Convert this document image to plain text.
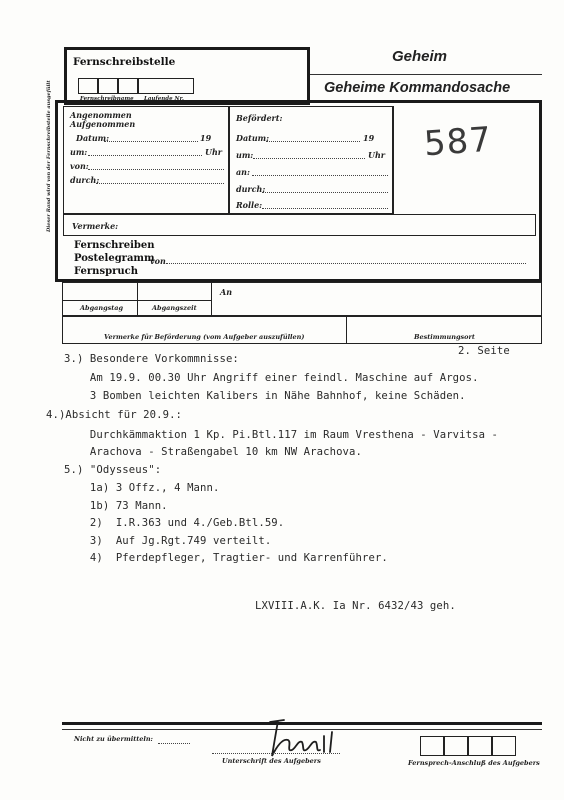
Geheim
Geheime Kommandosache
Fernschreibstelle
Fernschreibname Laufende Nr.
Dieser Rand wird von der Fernschreibstelle ausgefüllt Angenommen
Aufgenommen
Datum:	19
um:	Uhr
von:
durch:
Befördert:
Datum:	19
um:	Uhr
an:
durch:
Rolle:
587
Vermerke:
Fernschreiben
Postelegramm
von
Fernspruch
An
Abgangstag	Abgangszeit
Vermerke für Beförderung (vom Aufgeber auszufüllen)	Bestimmungsort
2. Seite
3.) Besondere Vorkommnisse:
Am 19.9. 00.30 Uhr Angriff einer feindl. Maschine auf Argos.
3 Bomben leichten Kalibers in Nähe Bahnhof, keine Schäden.
4.)Absicht für 20.9.:
Durchkämmaktion 1 Kp. Pi.Btl.117 im Raum Vresthena - Varvitsa -
Arachova - Straßengabel 10 km NW Arachova.
5.) "Odysseus":
1a) 3 Offz., 4 Mann.
1b) 73 Mann.
2)  I.R.363 und 4./Geb.Btl.59.
3)  Auf Jg.Rgt.749 verteilt.
4)  Pferdepfleger, Tragtier- und Karrenführer.
LXVIII.A.K. Ia Nr. 6432/43 geh.
Nicht zu übermitteln:
Unterschrift des Aufgebers	Fernsprech-Anschluß des Aufgebers
